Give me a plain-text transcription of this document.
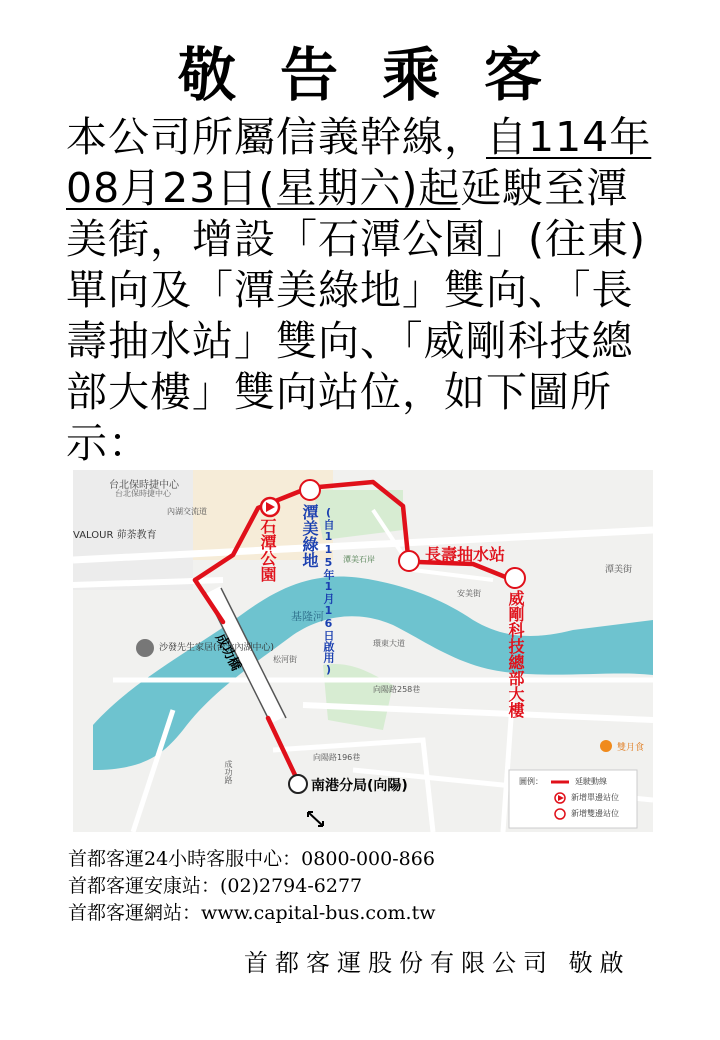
敬告乘客

本公司所屬信義幹線，自114年08月23日(星期六)起延駛至潭美街，增設「石潭公園」(往東)單向及「潭美綠地」雙向、「長壽抽水站」雙向、「威剛科技總部大樓」雙向站位，如下圖所示：

台北保時捷中心
台北保時捷中心
內湖交流道
VALOUR 茆荼教育
沙發先生家居(台北內湖中心)
基隆河
潭美石岸
潭美街
松河街
向陽路258巷
環東大道
向陽路196巷
安美街
成功路
雙月食
石潭公園 潭美綠地 (自115年1月16日啟用)	長壽抽水站
威剛科技總部大樓
南港分局(向陽)
成功橋
圖例：	延駛動線
新增單邊站位
新增雙邊站位
首都客運24小時客服中心：0800-000-866
首都客運安康站：(02)2794-6277
首都客運網站：www.capital-bus.com.tw
首都客運股份有限公司 敬啟
